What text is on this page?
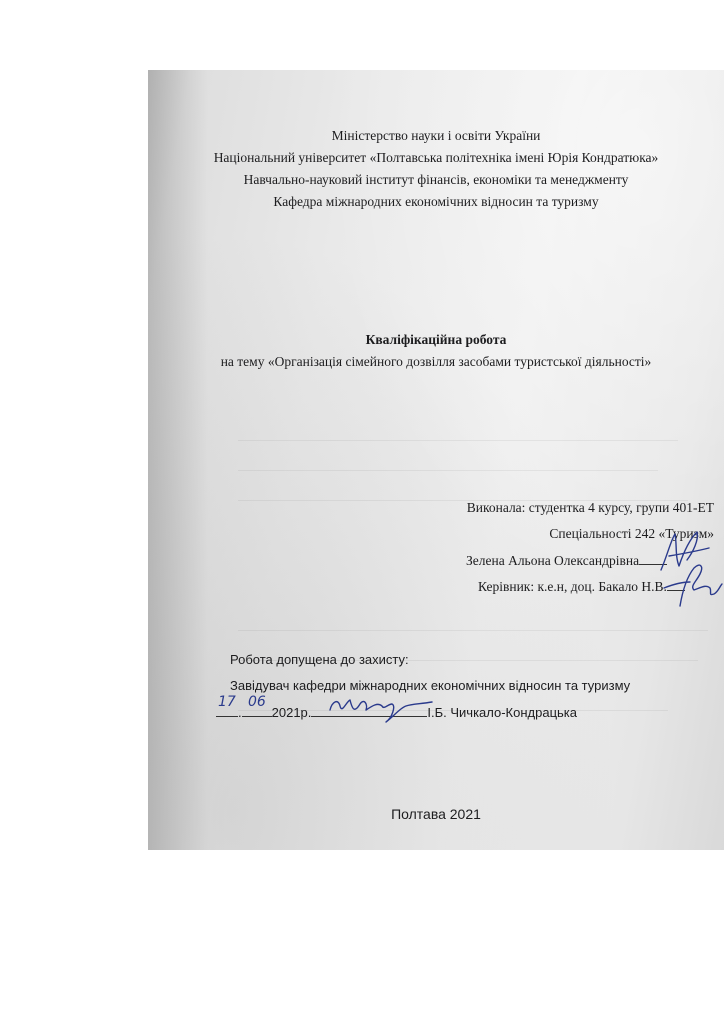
Міністерство науки і освіти України
Національний університет «Полтавська політехніка імені Юрія Кондратюка»
Навчально-науковий інститут фінансів, економіки та менеджменту
Кафедра міжнародних економічних відносин та туризму
Кваліфікаційна робота
на тему «Організація сімейного дозвілля засобами туристської діяльності»
Виконала: студентка 4 курсу, групи 401-ЕТ
Спеціальності 242 «Туризм»
Зелена Альона Олександрівна
Керівник: к.е.н, доц. Бакало Н.В.
Робота допущена до захисту:
Завідувач кафедри міжнародних економічних відносин та туризму
. 2021р.	І.Б. Чичкало-Кондрацька
17 06
Полтава 2021
